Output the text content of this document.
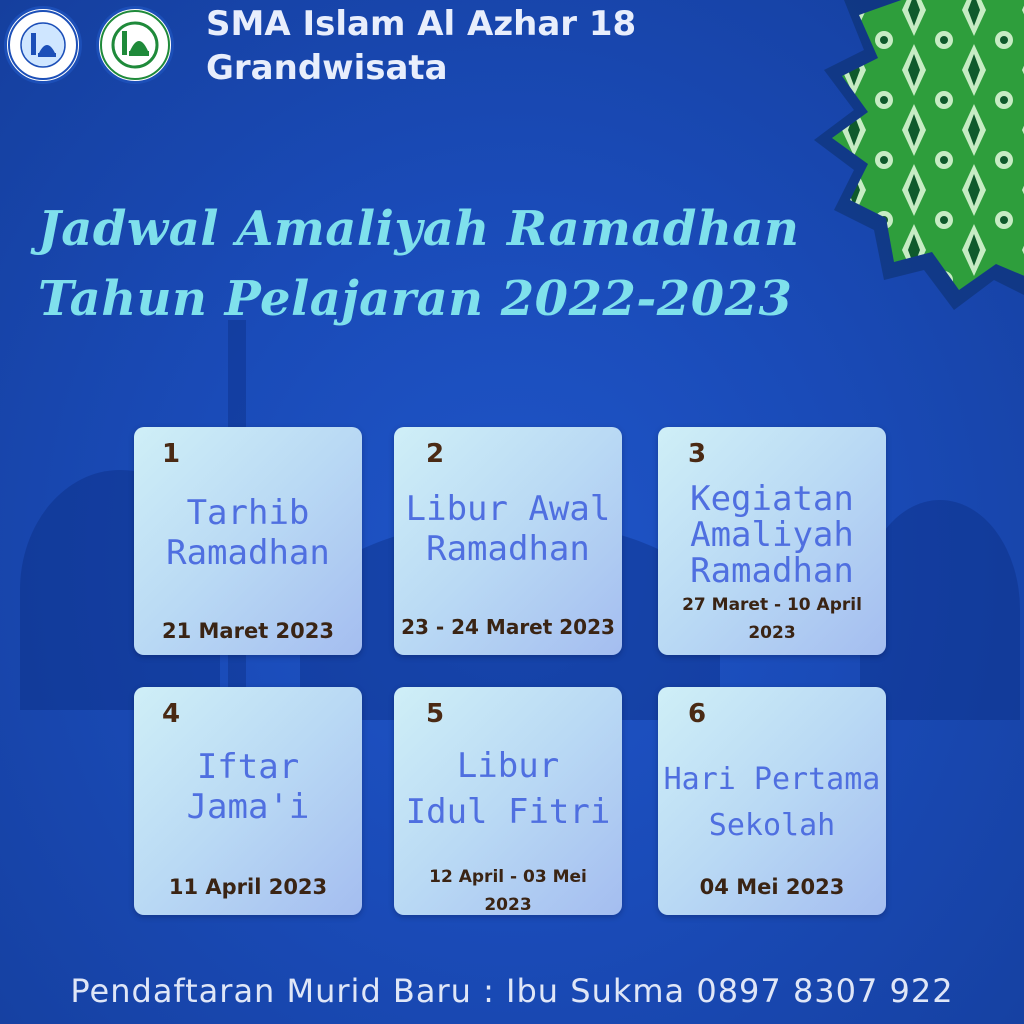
SMA Islam Al Azhar 18
Grandwisata
Jadwal Amaliyah Ramadhan
Tahun Pelajaran 2022-2023
1
Tarhib
Ramadhan
21 Maret 2023
2
Libur Awal
Ramadhan
23 - 24 Maret 2023
3
Kegiatan
Amaliyah
Ramadhan
27 Maret - 10 April
2023
4
Iftar
Jama'i
11 April 2023
5
Libur
Idul Fitri
12 April - 03 Mei
2023
6
Hari Pertama
Sekolah
04 Mei 2023

Pendaftaran Murid Baru : Ibu Sukma 0897 8307 922
